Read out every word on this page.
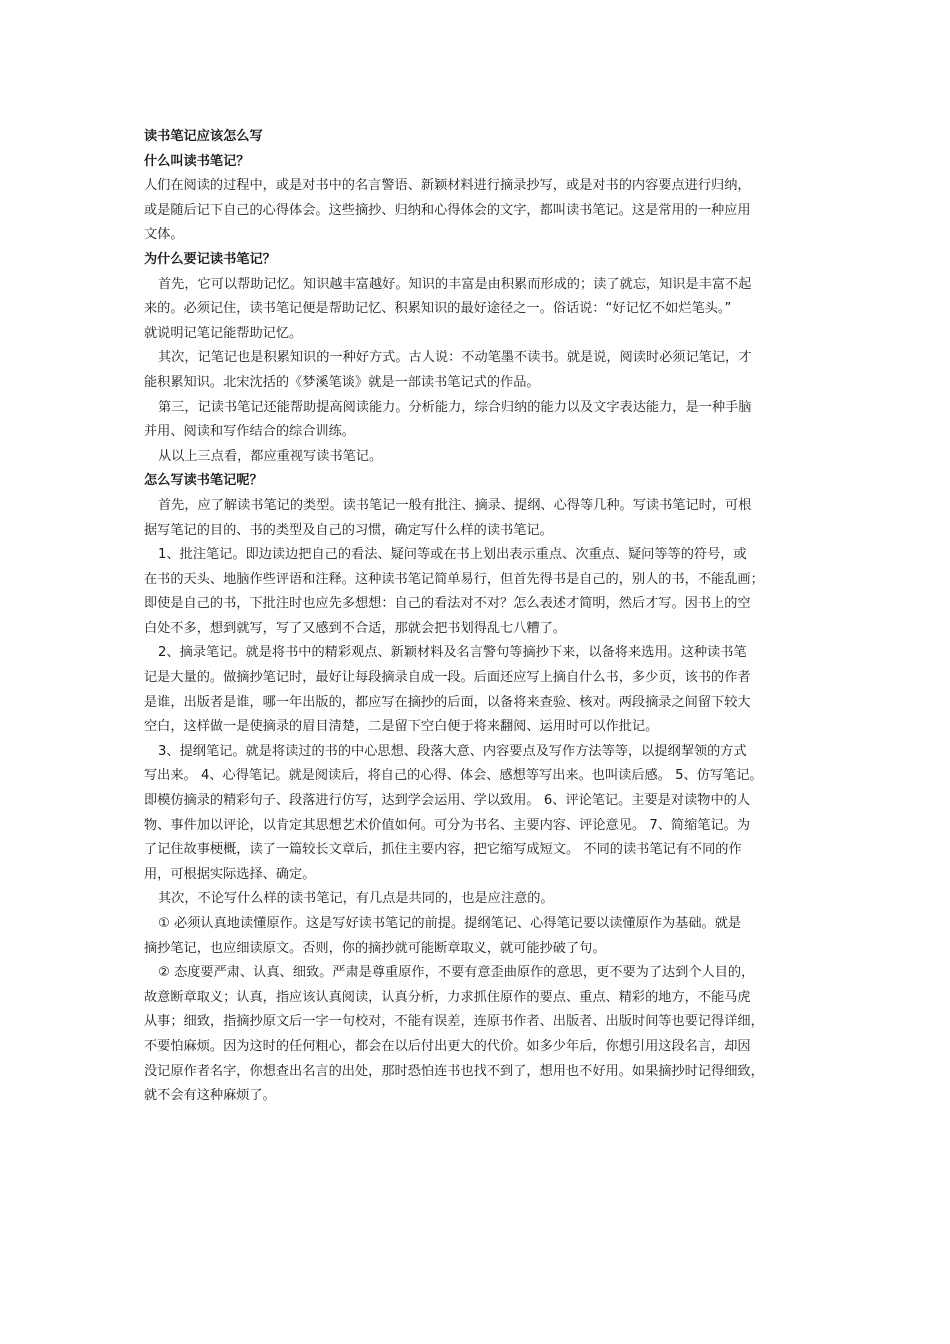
读书笔记应该怎么写
什么叫读书笔记？
人们在阅读的过程中，或是对书中的名言警语、新颖材料进行摘录抄写，或是对书的内容要点进行归纳，
或是随后记下自己的心得体会。这些摘抄、归纳和心得体会的文字，都叫读书笔记。这是常用的一种应用
文体。
为什么要记读书笔记？
首先，它可以帮助记忆。知识越丰富越好。知识的丰富是由积累而形成的；读了就忘，知识是丰富不起
来的。必须记住，读书笔记便是帮助记忆、积累知识的最好途径之一。俗话说：“好记忆不如烂笔头。”
就说明记笔记能帮助记忆。
其次，记笔记也是积累知识的一种好方式。古人说：不动笔墨不读书。就是说，阅读时必须记笔记，才
能积累知识。北宋沈括的《梦溪笔谈》就是一部读书笔记式的作品。
第三，记读书笔记还能帮助提高阅读能力。分析能力，综合归纳的能力以及文字表达能力，是一种手脑
并用、阅读和写作结合的综合训练。
从以上三点看，都应重视写读书笔记。
怎么写读书笔记呢？
首先，应了解读书笔记的类型。读书笔记一般有批注、摘录、提纲、心得等几种。写读书笔记时，可根
据写笔记的目的、书的类型及自己的习惯，确定写什么样的读书笔记。
1、批注笔记。即边读边把自己的看法、疑问等或在书上划出表示重点、次重点、疑问等等的符号，或
在书的天头、地脑作些评语和注释。这种读书笔记简单易行，但首先得书是自己的，别人的书，不能乱画；
即使是自己的书，下批注时也应先多想想：自己的看法对不对？怎么表述才简明，然后才写。因书上的空
白处不多，想到就写，写了又感到不合适，那就会把书划得乱七八糟了。
2、摘录笔记。就是将书中的精彩观点、新颖材料及名言警句等摘抄下来，以备将来选用。这种读书笔
记是大量的。做摘抄笔记时，最好让每段摘录自成一段。后面还应写上摘自什么书，多少页，该书的作者
是谁，出版者是谁，哪一年出版的，都应写在摘抄的后面，以备将来查验、核对。两段摘录之间留下较大
空白，这样做一是使摘录的眉目清楚，二是留下空白便于将来翻阅、运用时可以作批记。
3、提纲笔记。就是将读过的书的中心思想、段落大意、内容要点及写作方法等等，以提纲挈领的方式
写出来。 4、心得笔记。就是阅读后，将自己的心得、体会、感想等写出来。也叫读后感。 5、仿写笔记。
即模仿摘录的精彩句子、段落进行仿写，达到学会运用、学以致用。 6、评论笔记。主要是对读物中的人
物、事件加以评论，以肯定其思想艺术价值如何。可分为书名、主要内容、评论意见。 7、简缩笔记。为
了记住故事梗概，读了一篇较长文章后，抓住主要内容，把它缩写成短文。 不同的读书笔记有不同的作
用，可根据实际选择、确定。
其次，不论写什么样的读书笔记，有几点是共同的，也是应注意的。
① 必须认真地读懂原作。这是写好读书笔记的前提。提纲笔记、心得笔记要以读懂原作为基础。就是
摘抄笔记，也应细读原文。否则，你的摘抄就可能断章取义，就可能抄破了句。
② 态度要严肃、认真、细致。严肃是尊重原作，不要有意歪曲原作的意思，更不要为了达到个人目的，
故意断章取义；认真，指应该认真阅读，认真分析，力求抓住原作的要点、重点、精彩的地方，不能马虎
从事；细致，指摘抄原文后一字一句校对，不能有误差，连原书作者、出版者、出版时间等也要记得详细，
不要怕麻烦。因为这时的任何粗心，都会在以后付出更大的代价。如多少年后，你想引用这段名言，却因
没记原作者名字，你想查出名言的出处，那时恐怕连书也找不到了，想用也不好用。如果摘抄时记得细致，
就不会有这种麻烦了。
